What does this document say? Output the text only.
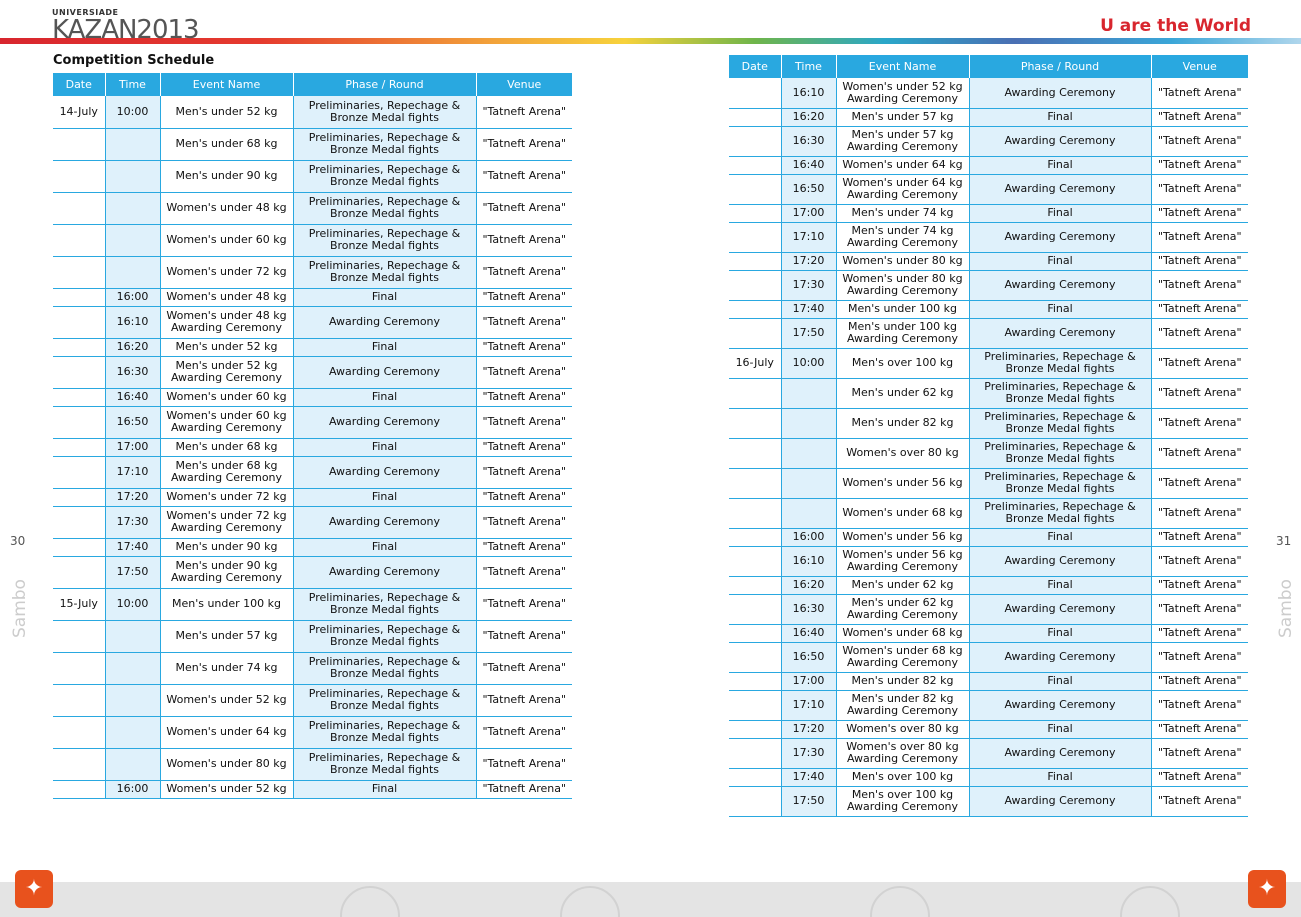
UNIVERSIADE
KAZAN2013	U are the World
Competition Schedule
Date	Time	Event Name	Phase / Round	Venue
14-July	10:00	Men's under 52 kg	Preliminaries, Repechage & Bronze Medal fights	"Tatneft Arena"
		Men's under 68 kg	Preliminaries, Repechage & Bronze Medal fights	"Tatneft Arena"
		Men's under 90 kg	Preliminaries, Repechage & Bronze Medal fights	"Tatneft Arena"
		Women's under 48 kg	Preliminaries, Repechage & Bronze Medal fights	"Tatneft Arena"
		Women's under 60 kg	Preliminaries, Repechage & Bronze Medal fights	"Tatneft Arena"
		Women's under 72 kg	Preliminaries, Repechage & Bronze Medal fights	"Tatneft Arena"
	16:00	Women's under 48 kg	Final	"Tatneft Arena"
	16:10	Women's under 48 kg Awarding Ceremony	Awarding Ceremony	"Tatneft Arena"
	16:20	Men's under 52 kg	Final	"Tatneft Arena"
	16:30	Men's under 52 kg Awarding Ceremony	Awarding Ceremony	"Tatneft Arena"
	16:40	Women's under 60 kg	Final	"Tatneft Arena"
	16:50	Women's under 60 kg Awarding Ceremony	Awarding Ceremony	"Tatneft Arena"
	17:00	Men's under 68 kg	Final	"Tatneft Arena"
	17:10	Men's under 68 kg Awarding Ceremony	Awarding Ceremony	"Tatneft Arena"
	17:20	Women's under 72 kg	Final	"Tatneft Arena"
	17:30	Women's under 72 kg Awarding Ceremony	Awarding Ceremony	"Tatneft Arena"
	17:40	Men's under 90 kg	Final	"Tatneft Arena"
	17:50	Men's under 90 kg Awarding Ceremony	Awarding Ceremony	"Tatneft Arena"
15-July	10:00	Men's under 100 kg	Preliminaries, Repechage & Bronze Medal fights	"Tatneft Arena"
		Men's under 57 kg	Preliminaries, Repechage & Bronze Medal fights	"Tatneft Arena"
		Men's under 74 kg	Preliminaries, Repechage & Bronze Medal fights	"Tatneft Arena"
		Women's under 52 kg	Preliminaries, Repechage & Bronze Medal fights	"Tatneft Arena"
		Women's under 64 kg	Preliminaries, Repechage & Bronze Medal fights	"Tatneft Arena"
		Women's under 80 kg	Preliminaries, Repechage & Bronze Medal fights	"Tatneft Arena"
	16:00	Women's under 52 kg	Final	"Tatneft Arena"
Date	Time	Event Name	Phase / Round	Venue
	16:10	Women's under 52 kg Awarding Ceremony	Awarding Ceremony	"Tatneft Arena"
	16:20	Men's under 57 kg	Final	"Tatneft Arena"
	16:30	Men's under 57 kg Awarding Ceremony	Awarding Ceremony	"Tatneft Arena"
	16:40	Women's under 64 kg	Final	"Tatneft Arena"
	16:50	Women's under 64 kg Awarding Ceremony	Awarding Ceremony	"Tatneft Arena"
	17:00	Men's under 74 kg	Final	"Tatneft Arena"
	17:10	Men's under 74 kg Awarding Ceremony	Awarding Ceremony	"Tatneft Arena"
	17:20	Women's under 80 kg	Final	"Tatneft Arena"
	17:30	Women's under 80 kg Awarding Ceremony	Awarding Ceremony	"Tatneft Arena"
	17:40	Men's under 100 kg	Final	"Tatneft Arena"
	17:50	Men's under 100 kg Awarding Ceremony	Awarding Ceremony	"Tatneft Arena"
16-July	10:00	Men's over 100 kg	Preliminaries, Repechage & Bronze Medal fights	"Tatneft Arena"
		Men's under 62 kg	Preliminaries, Repechage & Bronze Medal fights	"Tatneft Arena"
		Men's under 82 kg	Preliminaries, Repechage & Bronze Medal fights	"Tatneft Arena"
		Women's over 80 kg	Preliminaries, Repechage & Bronze Medal fights	"Tatneft Arena"
		Women's under 56 kg	Preliminaries, Repechage & Bronze Medal fights	"Tatneft Arena"
		Women's under 68 kg	Preliminaries, Repechage & Bronze Medal fights	"Tatneft Arena"
	16:00	Women's under 56 kg	Final	"Tatneft Arena"
	16:10	Women's under 56 kg Awarding Ceremony	Awarding Ceremony	"Tatneft Arena"
	16:20	Men's under 62 kg	Final	"Tatneft Arena"
	16:30	Men's under 62 kg Awarding Ceremony	Awarding Ceremony	"Tatneft Arena"
	16:40	Women's under 68 kg	Final	"Tatneft Arena"
	16:50	Women's under 68 kg Awarding Ceremony	Awarding Ceremony	"Tatneft Arena"
	17:00	Men's under 82 kg	Final	"Tatneft Arena"
	17:10	Men's under 82 kg Awarding Ceremony	Awarding Ceremony	"Tatneft Arena"
	17:20	Women's over 80 kg	Final	"Tatneft Arena"
	17:30	Women's over 80 kg Awarding Ceremony	Awarding Ceremony	"Tatneft Arena"
	17:40	Men's over 100 kg	Final	"Tatneft Arena"
	17:50	Men's over 100 kg Awarding Ceremony	Awarding Ceremony	"Tatneft Arena"
30	31
Sambo	Sambo
✦	✦
